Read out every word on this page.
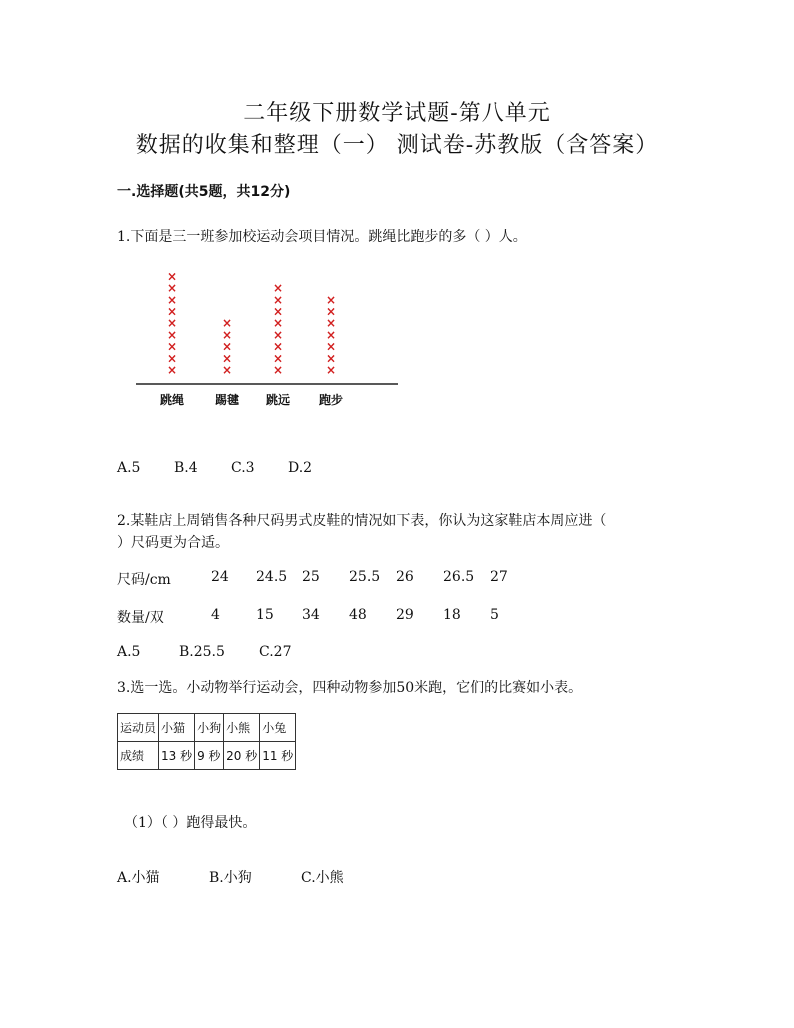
二年级下册数学试题-第八单元
数据的收集和整理（一） 测试卷-苏教版（含答案）
一.选择题(共5题，共12分)
1.下面是三一班参加校运动会项目情况。跳绳比跑步的多（ ）人。
×
×
×
×
×
×
×
×
×
跳绳
×
×
×
×
×
踢毽
×
×
×
×
×
×
×
×
跳远
×
×
×
×
×
×
×
跑步
A.5 B.4 C.3 D.2
2.某鞋店上周销售各种尺码男式皮鞋的情况如下表，你认为这家鞋店本周应进（
）尺码更为合适。
尺码/cm	24 24.5 25 25.5 26 26.5 27
数量/双	4	15 34 48 29 18 5
A.5	B.25.5 C.27
3.选一选。小动物举行运动会，四种动物参加50米跑，它们的比赛如小表。
运动员	小猫	小狗	小熊	小兔
成绩	13 秒	9 秒	20 秒	11 秒
（1）（ ）跑得最快。
A.小猫	B.小狗	C.小熊
